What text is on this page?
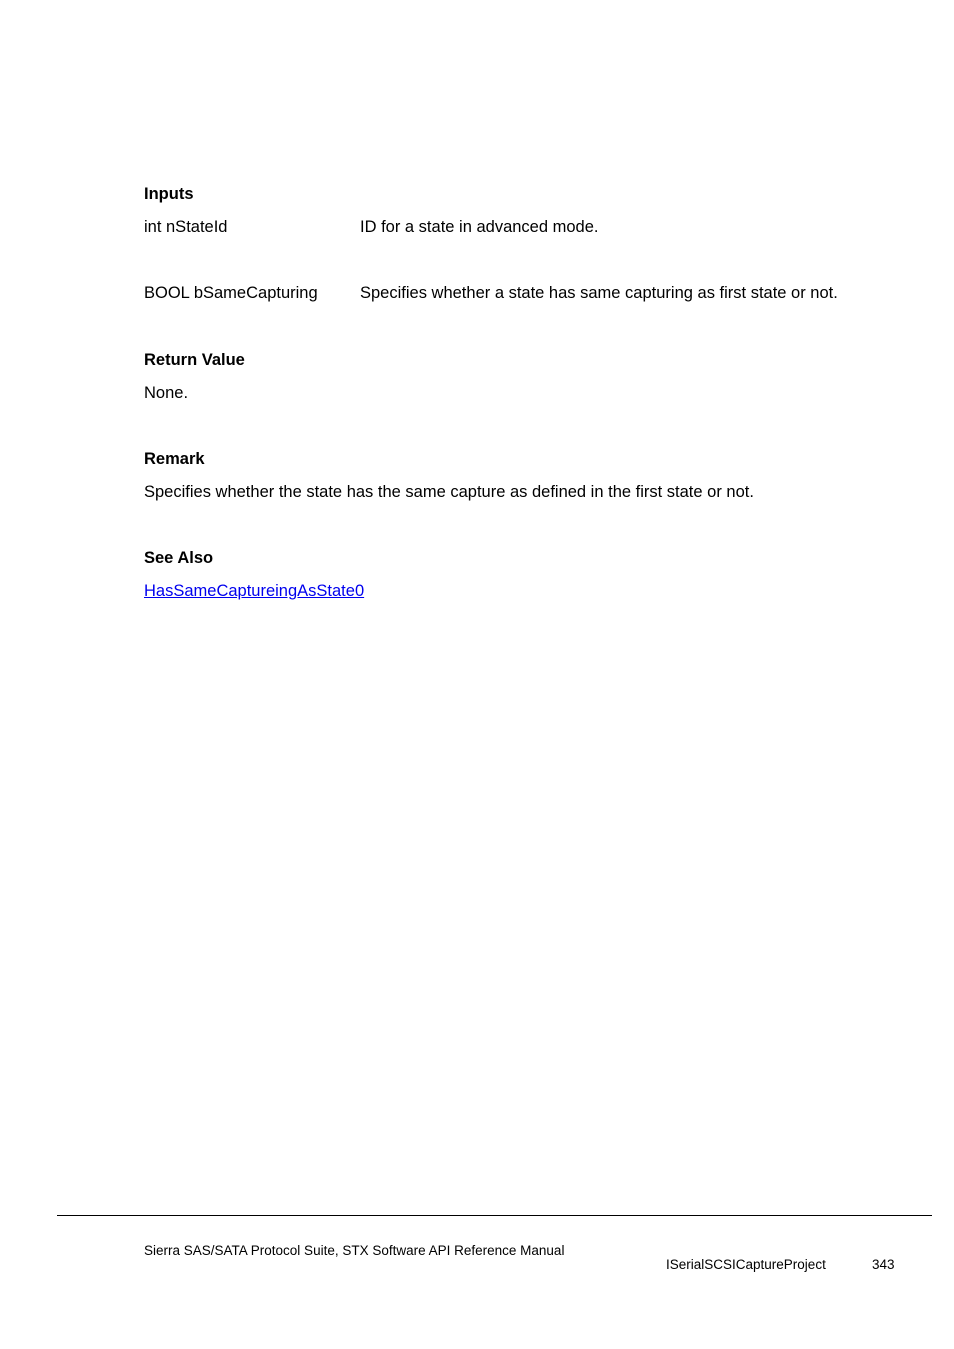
Inputs
int nStateId	ID for a state in advanced mode.
BOOL bSameCapturing	Specifies whether a state has same capturing as first state or not.
Return Value
None.
Remark
Specifies whether the state has the same capture as defined in the first state or not.
See Also
HasSameCaptureingAsState0
Sierra SAS/SATA Protocol Suite, STX Software API Reference Manual
ISerialSCSICaptureProject	343
